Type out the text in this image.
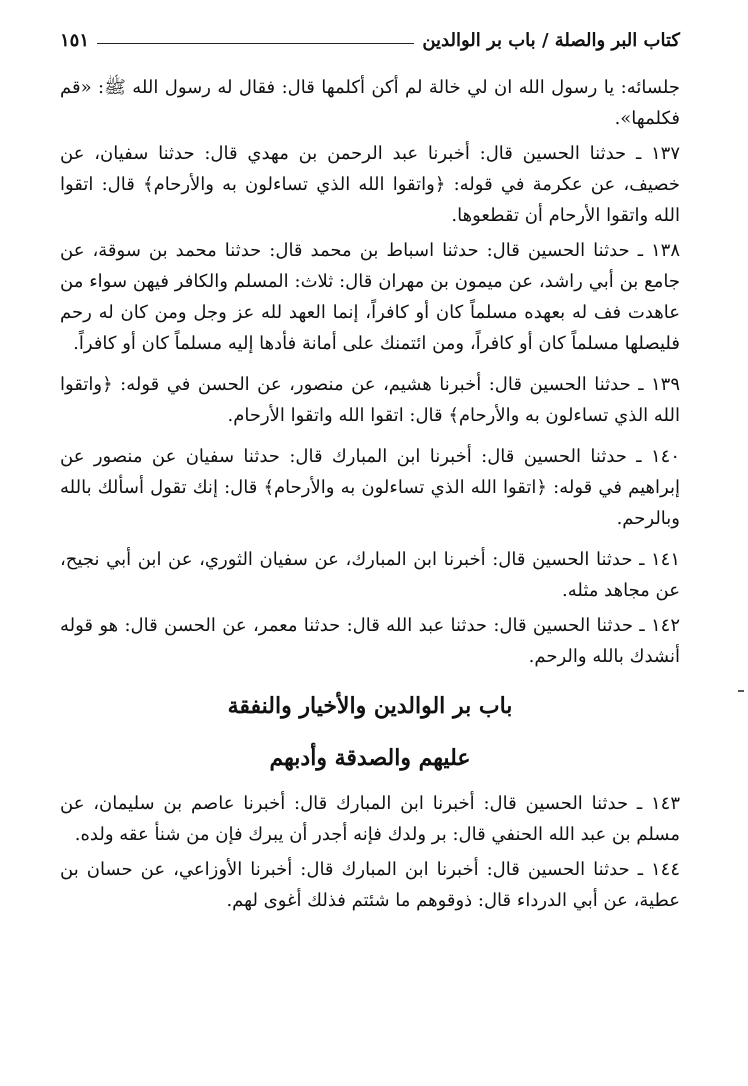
كتاب البر والصلة / باب بر الوالدين
١٥١

جلسائه: يا رسول الله ان لي خالة لم أكن أكلمها قال: فقال له رسول الله ﷺ: «قم فكلمها».

١٣٧ ـ حدثنا الحسين قال: أخبرنا عبد الرحمن بن مهدي قال: حدثنا سفيان، عن خصيف، عن عكرمة في قوله: ﴿واتقوا الله الذي تساءلون به والأرحام﴾ قال: اتقوا الله واتقوا الأرحام أن تقطعوها.

١٣٨ ـ حدثنا الحسين قال: حدثنا اسباط بن محمد قال: حدثنا محمد بن سوقة، عن جامع بن أبي راشد، عن ميمون بن مهران قال: ثلاث: المسلم والكافر فيهن سواء من عاهدت فف له بعهده مسلماً كان أو كافراً، إنما العهد لله عز وجل ومن كان له رحم فليصلها مسلماً كان أو كافراً، ومن ائتمنك على أمانة فأدها إليه مسلماً كان أو كافراً.

١٣٩ ـ حدثنا الحسين قال: أخبرنا هشيم، عن منصور، عن الحسن في قوله: ﴿واتقوا الله الذي تساءلون به والأرحام﴾ قال: اتقوا الله واتقوا الأرحام.

١٤٠ ـ حدثنا الحسين قال: أخبرنا ابن المبارك قال: حدثنا سفيان عن منصور عن إبراهيم في قوله: ﴿اتقوا الله الذي تساءلون به والأرحام﴾ قال: إنك تقول أسألك بالله وبالرحم.

١٤١ ـ حدثنا الحسين قال: أخبرنا ابن المبارك، عن سفيان الثوري، عن ابن أبي نجيح، عن مجاهد مثله.

١٤٢ ـ حدثنا الحسين قال: حدثنا عبد الله قال: حدثنا معمر، عن الحسن قال: هو قوله أنشدك بالله والرحم.

باب بر الوالدين والأخيار والنفقة
عليهم والصدقة وأدبهم

١٤٣ ـ حدثنا الحسين قال: أخبرنا ابن المبارك قال: أخبرنا عاصم بن سليمان، عن مسلم بن عبد الله الحنفي قال: بر ولدك فإنه أجدر أن يبرك فإن من شنأ عقه ولده.

١٤٤ ـ حدثنا الحسين قال: أخبرنا ابن المبارك قال: أخبرنا الأوزاعي، عن حسان بن عطية، عن أبي الدرداء قال: ذوقوهم ما شئتم فذلك أغوى لهم.
